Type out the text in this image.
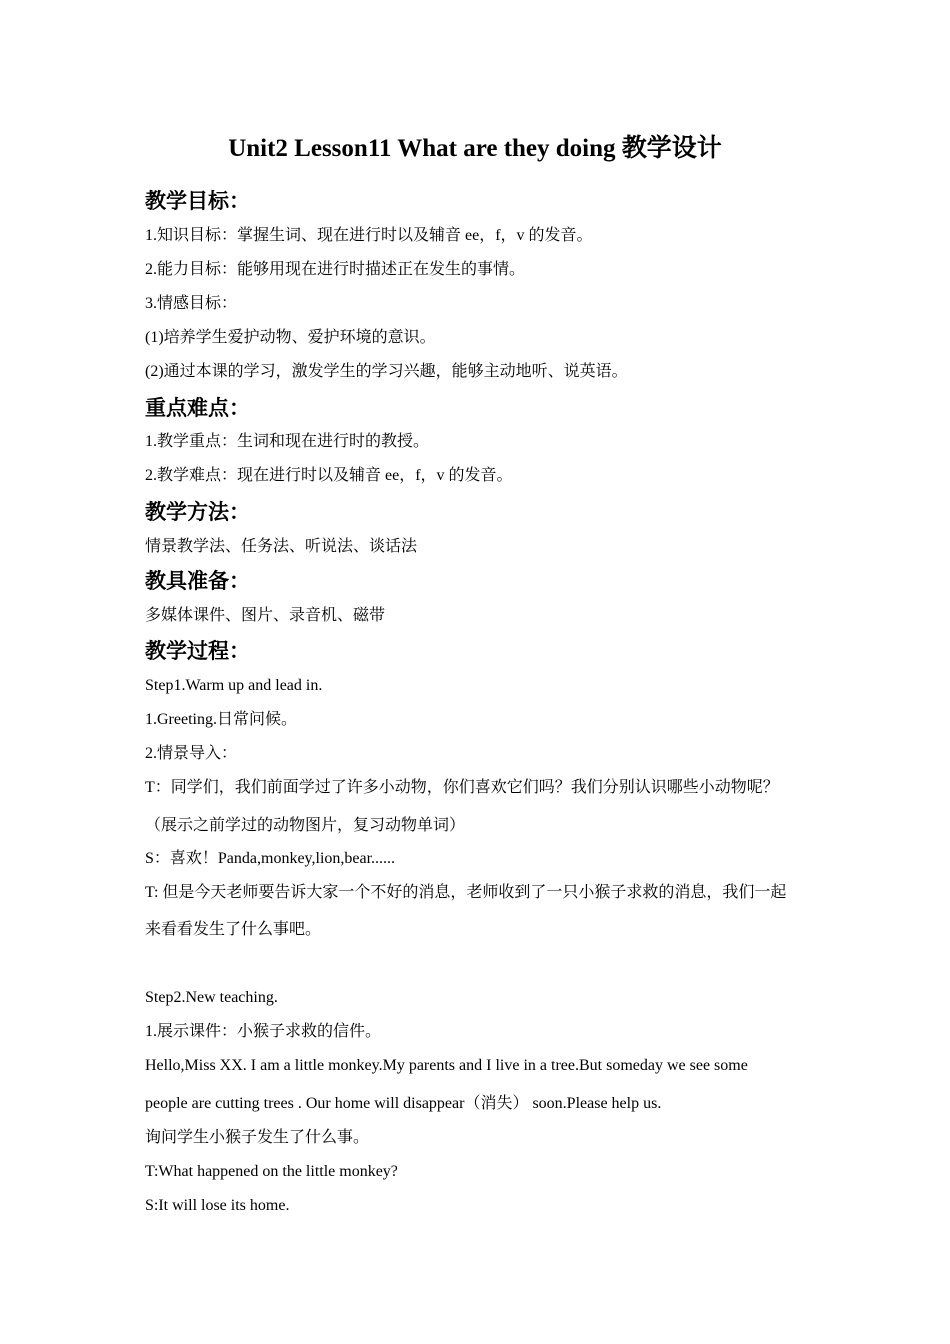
Unit2 Lesson11 What are they doing 教学设计
教学目标：
1.知识目标：掌握生词、现在进行时以及辅音 ee，f，v 的发音。
2.能力目标：能够用现在进行时描述正在发生的事情。
3.情感目标：
(1)培养学生爱护动物、爱护环境的意识。
(2)通过本课的学习，激发学生的学习兴趣，能够主动地听、说英语。
重点难点：
1.教学重点：生词和现在进行时的教授。
2.教学难点：现在进行时以及辅音 ee，f，v 的发音。
教学方法：
情景教学法、任务法、听说法、谈话法
教具准备：
多媒体课件、图片、录音机、磁带
教学过程：
Step1.Warm up and lead in.
1.Greeting.日常问候。
2.情景导入：
T：同学们，我们前面学过了许多小动物，你们喜欢它们吗？我们分别认识哪些小动物呢？
（展示之前学过的动物图片，复习动物单词）
S：喜欢！Panda,monkey,lion,bear......
T: 但是今天老师要告诉大家一个不好的消息，老师收到了一只小猴子求救的消息，我们一起
来看看发生了什么事吧。
Step2.New teaching.
1.展示课件：小猴子求救的信件。
Hello,Miss XX. I am a little monkey.My parents and I live in a tree.But someday we see some
people are cutting trees . Our home will disappear（消失） soon.Please help us.
询问学生小猴子发生了什么事。
T:What happened on the little monkey?
S:It will lose its home.
